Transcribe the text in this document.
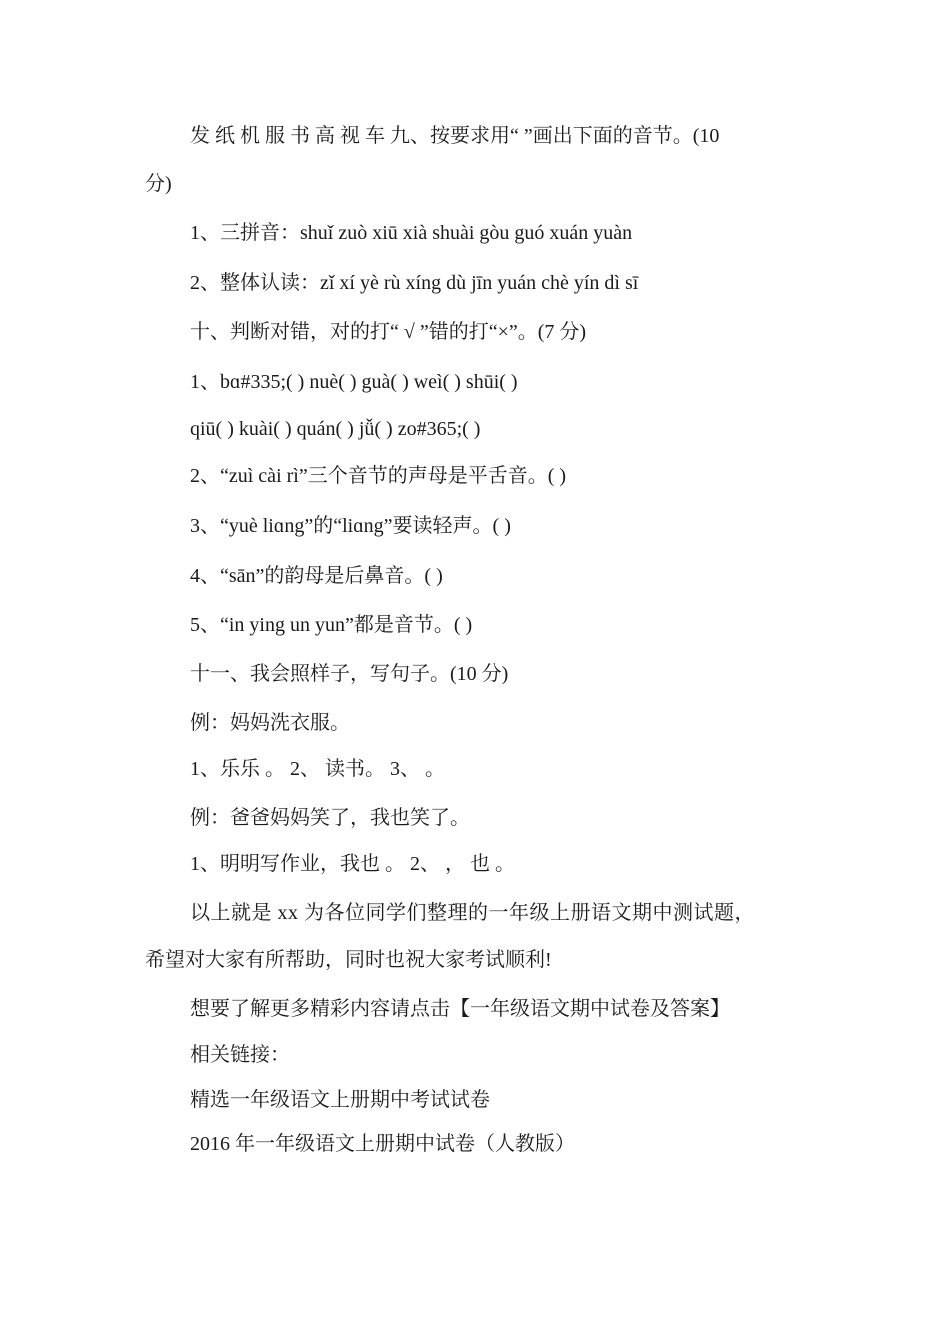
发 纸 机 服 书 高 视 车 九、按要求用“ ”画出下面的音节。(10
分)
1、三拼音：shuǐ zuò xiū xià shuài gòu guó xuán yuàn
2、整体认读：zǐ xí yè rù xíng dù jīn yuán chè yín dì sī
十、判断对错，对的打“ √ ”错的打“×”。(7 分)
1、bɑ#335;( ) nuè( ) guà( ) weì( ) shūi( )
qiū( ) kuài( ) quán( ) jǚ( ) zo#365;( )
2、“zuì cài rì”三个音节的声母是平舌音。( )
3、“yuè liɑng”的“liɑng”要读轻声。( )
4、“sān”的韵母是后鼻音。( )
5、“in ying un yun”都是音节。( )
十一、我会照样子，写句子。(10 分)
例：妈妈洗衣服。
1、乐乐 。 2、 读书。 3、 。
例：爸爸妈妈笑了，我也笑了。
1、明明写作业，我也 。 2、 ， 也 。
以上就是 xx 为各位同学们整理的一年级上册语文期中测试题，
希望对大家有所帮助，同时也祝大家考试顺利!
想要了解更多精彩内容请点击【一年级语文期中试卷及答案】
相关链接：
精选一年级语文上册期中考试试卷
2016 年一年级语文上册期中试卷（人教版）
